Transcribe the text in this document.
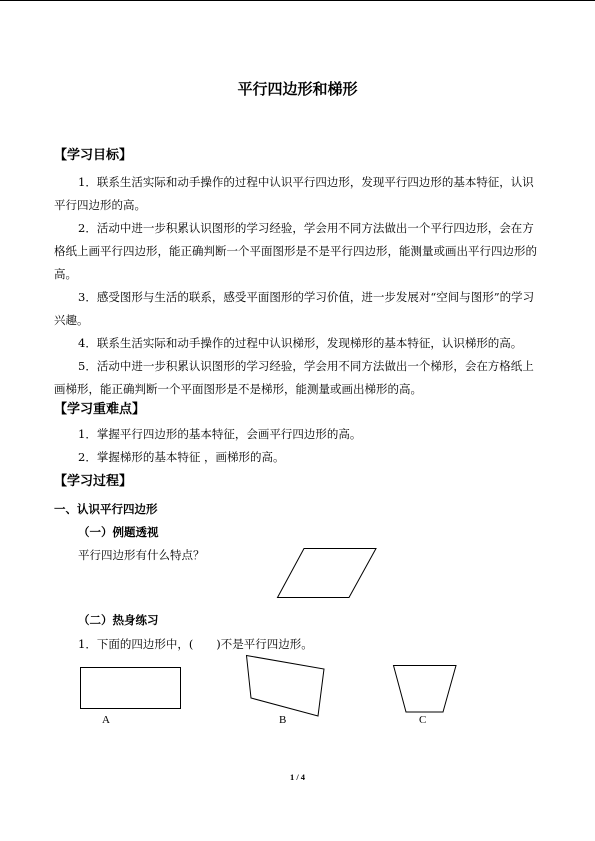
平行四边形和梯形
【学习目标】

1．联系生活实际和动手操作的过程中认识平行四边形，发现平行四边形的基本特征，认识平行四边形的高。

2．活动中进一步积累认识图形的学习经验，学会用不同方法做出一个平行四边形，会在方格纸上画平行四边形，能正确判断一个平面图形是不是平行四边形，能测量或画出平行四边形的高。

3．感受图形与生活的联系，感受平面图形的学习价值，进一步发展对“空间与图形”的学习兴趣。

4．联系生活实际和动手操作的过程中认识梯形，发现梯形的基本特征，认识梯形的高。

5．活动中进一步积累认识图形的学习经验，学会用不同方法做出一个梯形，会在方格纸上画梯形，能正确判断一个平面图形是不是梯形，能测量或画出梯形的高。

【学习重难点】

1．掌握平行四边形的基本特征，会画平行四边形的高。

2．掌握梯形的基本特征 ，画梯形的高。

【学习过程】
一、认识平行四边形
（一）例题透视
平行四边形有什么特点？
（二）热身练习
1．下面的四边形中，(　　)不是平行四边形。
A	B	C
1 / 4
